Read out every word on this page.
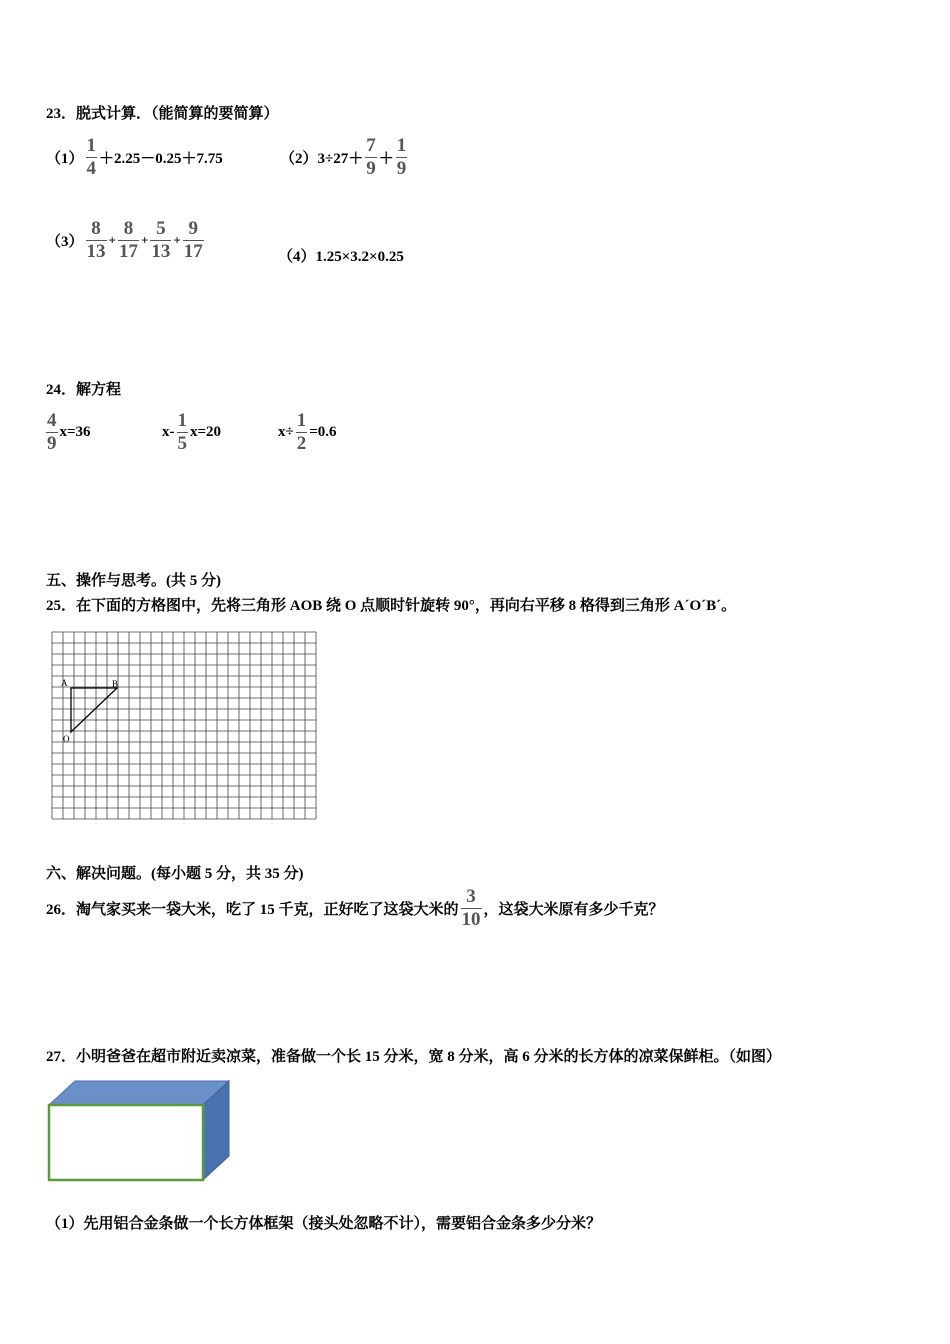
23．脱式计算．（能简算的要简算）
$(1) \frac{1}{4} +2.25-0.25+7.75$	$(2)3\div 27+ \frac{7}{9} + \frac{1}{9}$
$(3) \frac{8}{13} + \frac{8}{17} + \frac{5}{13} + \frac{9}{17}$	（4）1.25×3.2×0.25
24．解方程
$\frac{4}{9} x=36$	$x- \frac{1}{5} x=20$	$x\div \frac{1}{2} =0.6$
五、操作与思考。(共 5 分)
25．在下面的方格图中，先将三角形 AOB 绕 O 点顺时针旋转 90°，再向右平移 8 格得到三角形 A´O´B´。
A	B
O
六、解决问题。(每小题 5 分，共 35 分)
26．淘气家买来一袋大米，吃了 15 千克，正好吃了这袋大米的 $\frac{3}{10}$ ，这袋大米原有多少千克？
27．小明爸爸在超市附近卖凉菜，准备做一个长 15 分米，宽 8 分米，高 6 分米的长方体的凉菜保鲜柜。（如图）
（1）先用铝合金条做一个长方体框架（接头处忽略不计），需要铝合金条多少分米？
